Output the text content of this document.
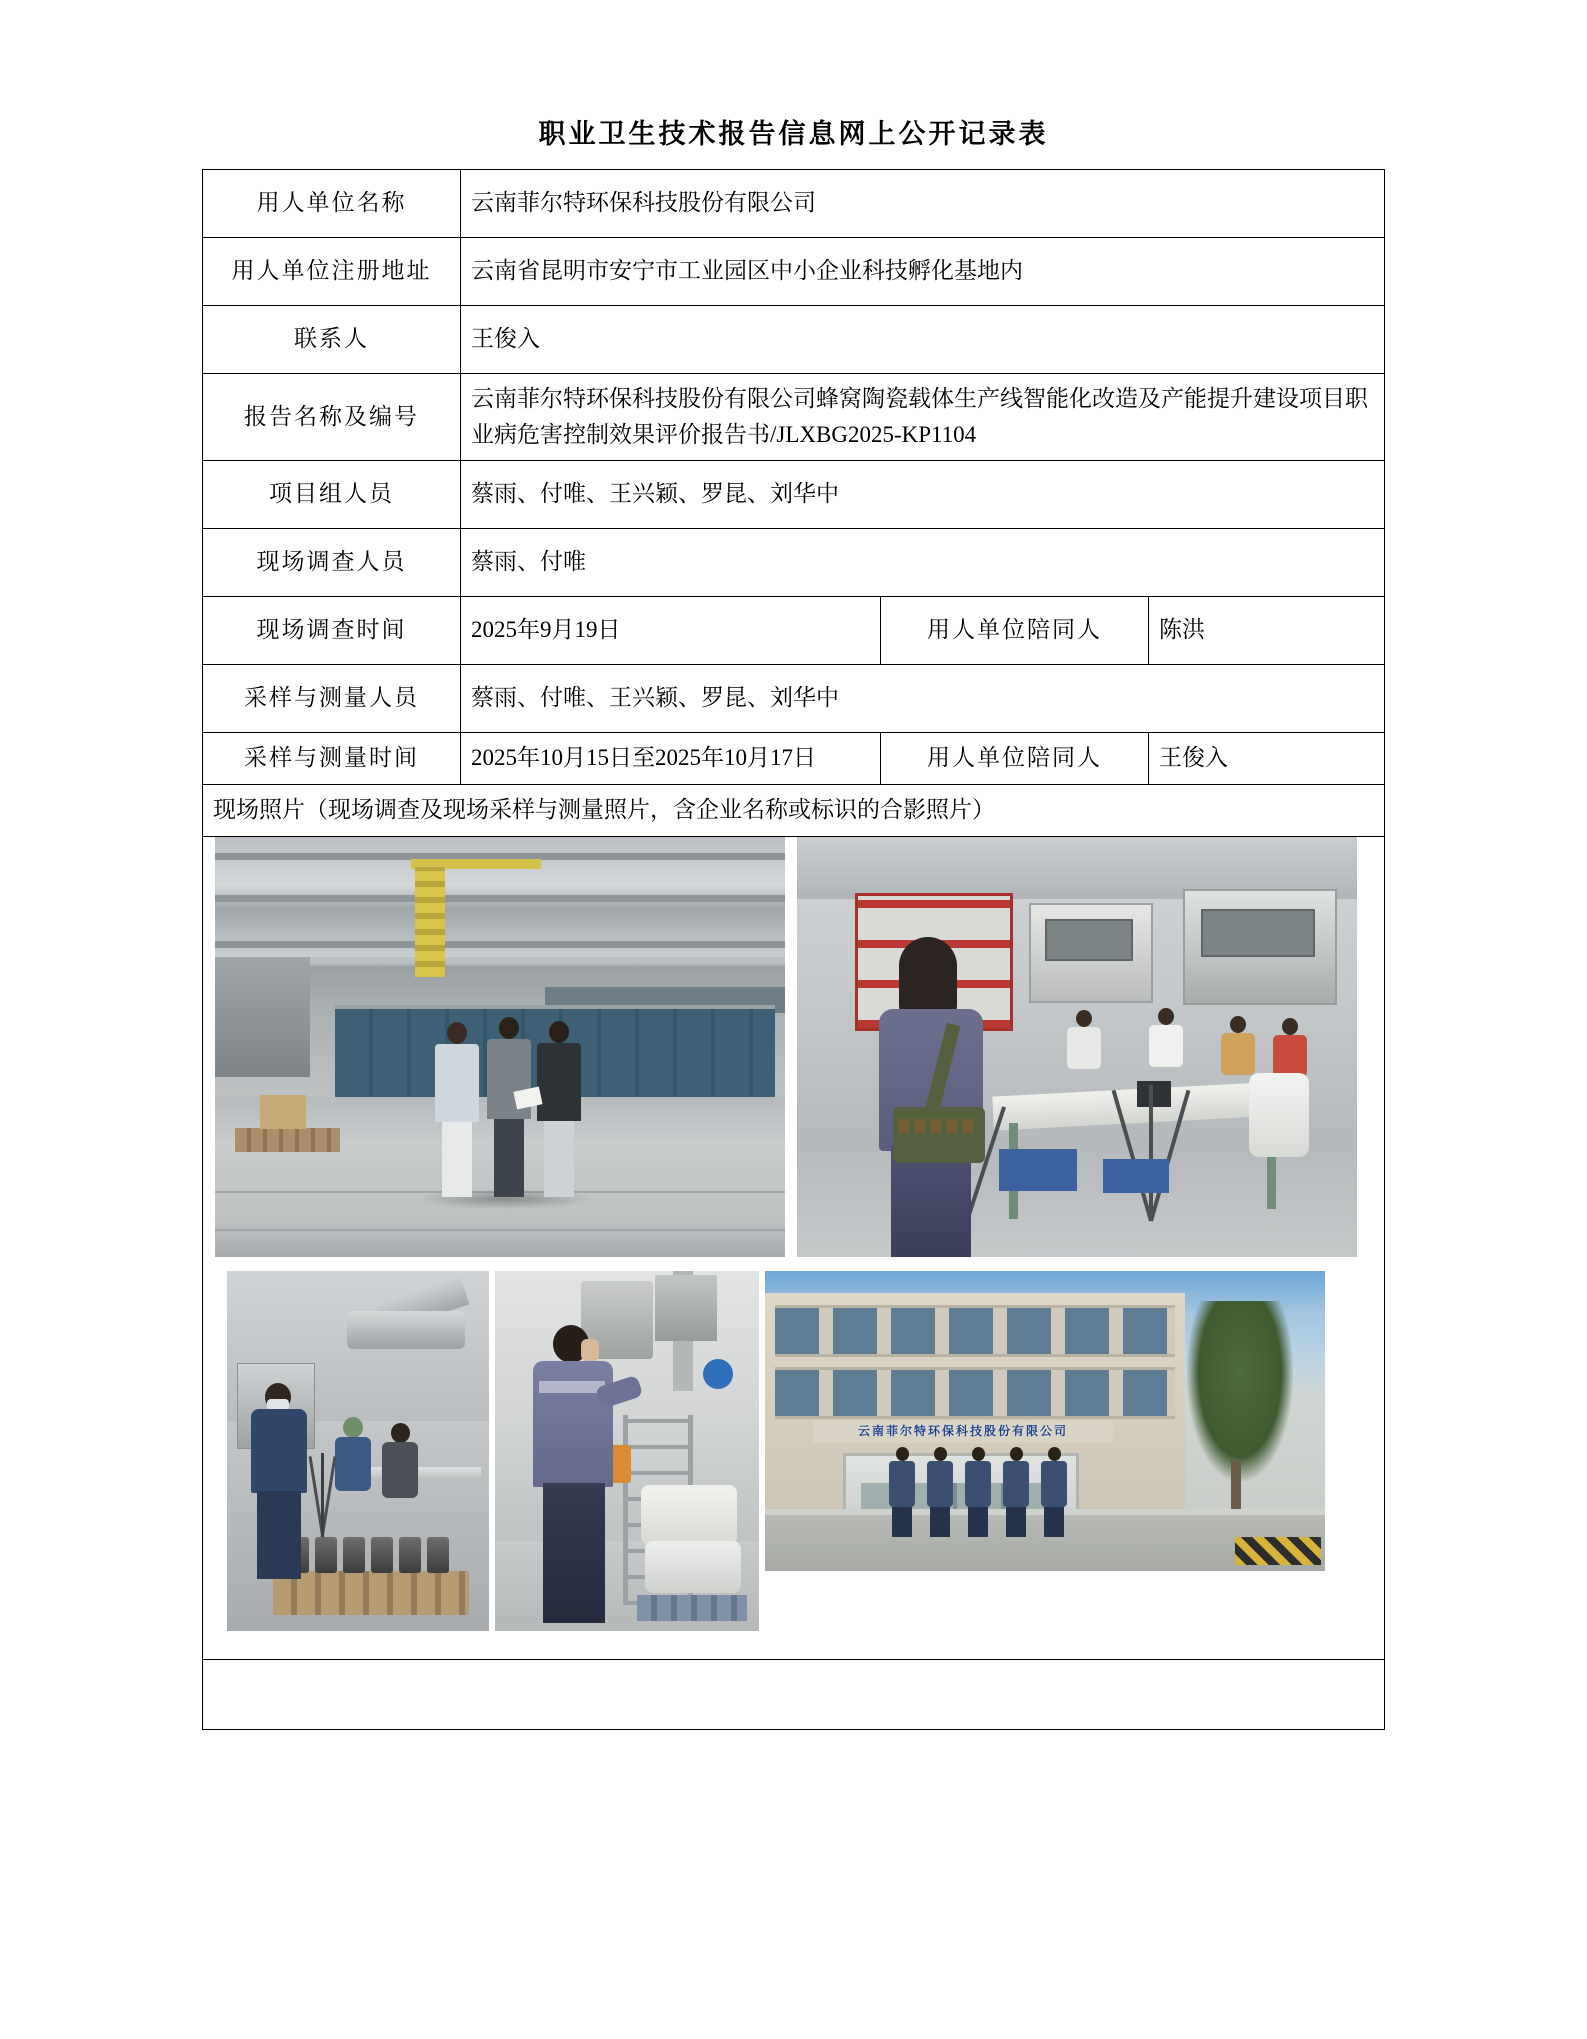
职业卫生技术报告信息网上公开记录表
用人单位名称	云南菲尔特环保科技股份有限公司		
用人单位注册地址	云南省昆明市安宁市工业园区中小企业科技孵化基地内		
联系人	王俊入		
报告名称及编号	云南菲尔特环保科技股份有限公司蜂窝陶瓷载体生产线智能化改造及产能提升建设项目职业病危害控制效果评价报告书/JLXBG2025-KP1104		
项目组人员	蔡雨、付唯、王兴颖、罗昆、刘华中		
现场调查人员	蔡雨、付唯		
现场调查时间	2025年9月19日	用人单位陪同人	陈洪
采样与测量人员	蔡雨、付唯、王兴颖、罗昆、刘华中		
采样与测量时间	2025年10月15日至2025年10月17日	用人单位陪同人	王俊入
现场照片（现场调查及现场采样与测量照片，含企业名称或标识的合影照片）			

云南菲尔特环保科技股份有限公司			
